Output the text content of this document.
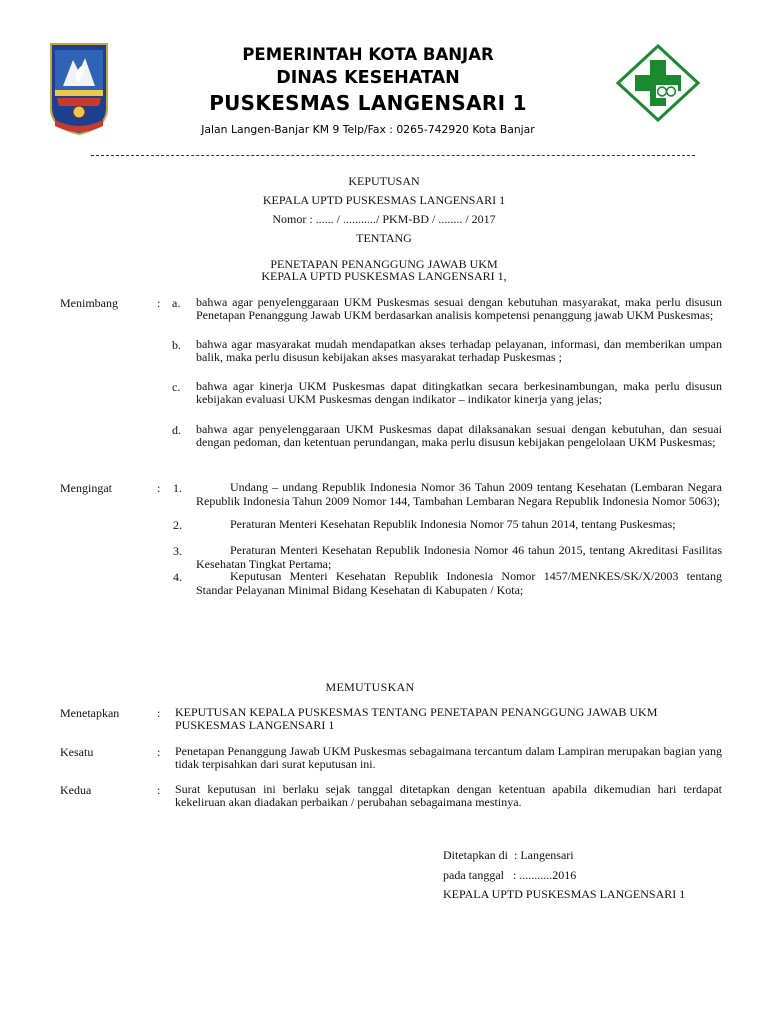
PEMERINTAH KOTA BANJAR
DINAS KESEHATAN
PUSKESMAS LANGENSARI 1
Jalan Langen-Banjar KM 9 Telp/Fax : 0265-742920 Kota Banjar
KEPUTUSAN
KEPALA UPTD PUSKESMAS LANGENSARI 1
Nomor : ...... / .........../ PKM-BD / ........ / 2017
TENTANG
PENETAPAN PENANGGUNG JAWAB UKM
KEPALA UPTD PUSKESMAS LANGENSARI 1,
Menimbang	: a. bahwa agar penyelenggaraan UKM Puskesmas sesuai dengan kebutuhan masyarakat, maka perlu disusun Penetapan Penanggung Jawab UKM berdasarkan analisis kompetensi penanggung jawab UKM Puskesmas;
b. bahwa agar masyarakat mudah mendapatkan akses terhadap pelayanan, informasi, dan memberikan umpan balik, maka perlu disusun kebijakan akses masyarakat terhadap Puskesmas ;
c. bahwa agar kinerja UKM Puskesmas dapat ditingkatkan secara berkesinambungan, maka perlu disusun kebijakan evaluasi UKM Puskesmas dengan indikator – indikator kinerja yang jelas;
d. bahwa agar penyelenggaraan UKM Puskesmas dapat dilaksanakan sesuai dengan kebutuhan, dan sesuai dengan pedoman, dan ketentuan perundangan, maka perlu disusun kebijakan pengelolaan UKM Puskesmas;
Mengingat	: 1.	Undang – undang Republik Indonesia Nomor 36 Tahun 2009 tentang Kesehatan (Lembaran Negara Republik Indonesia Tahun 2009 Nomor 144, Tambahan Lembaran Negara Republik Indonesia Nomor 5063);
2.	Peraturan Menteri Kesehatan Republik Indonesia Nomor 75 tahun 2014, tentang Puskesmas;
3.	Peraturan Menteri Kesehatan Republik Indonesia Nomor 46 tahun 2015, tentang Akreditasi Fasilitas Kesehatan Tingkat Pertama;
4.	Keputusan Menteri Kesehatan Republik Indonesia Nomor 1457/MENKES/SK/X/2003 tentang Standar Pelayanan Minimal Bidang Kesehatan di Kabupaten / Kota;
MEMUTUSKAN
Menetapkan	: KEPUTUSAN KEPALA PUSKESMAS TENTANG PENETAPAN PENANGGUNG JAWAB UKM PUSKESMAS LANGENSARI 1
Kesatu	: Penetapan Penanggung Jawab UKM Puskesmas sebagaimana tercantum dalam Lampiran merupakan bagian yang tidak terpisahkan dari surat keputusan ini.
Kedua	: Surat keputusan ini berlaku sejak tanggal ditetapkan dengan ketentuan apabila dikemudian hari terdapat kekeliruan akan diadakan perbaikan / perubahan sebagaimana mestinya.
Ditetapkan di  : Langensari
pada tanggal   : ...........2016
KEPALA UPTD PUSKESMAS LANGENSARI 1
